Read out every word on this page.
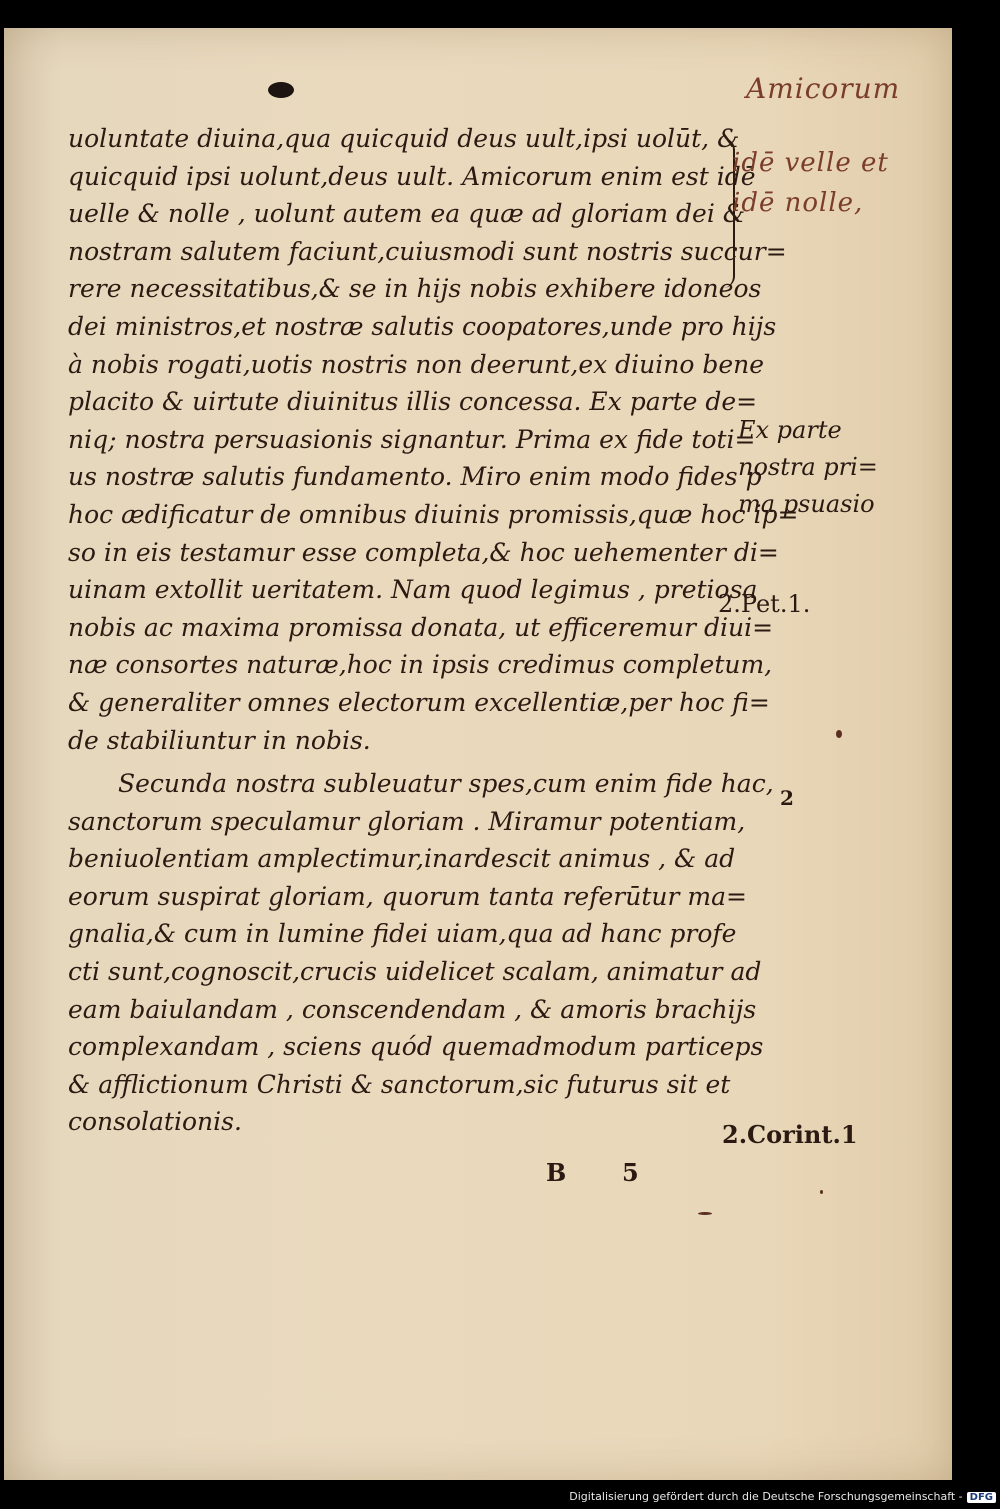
uoluntate diuina,qua quicquid deus uult,ipsi uolūt, &
quicquid ipsi uolunt,deus uult. Amicorum enim est idē
uelle & nolle , uolunt autem ea quæ ad gloriam dei &
nostram salutem faciunt,cuiusmodi sunt nostris succur=
rere necessitatibus,& se in hijs nobis exhibere idoneos
dei ministros,et nostræ salutis coopatores,unde pro hijs
à nobis rogati,uotis nostris non deerunt,ex diuino bene
placito & uirtute diuinitus illis concessa. Ex parte de=
niq; nostra persuasionis signantur. Prima ex fide toti=
us nostræ salutis fundamento. Miro enim modo fides p
hoc ædificatur de omnibus diuinis promissis,quæ hoc ip=
so in eis testamur esse completa,& hoc uehementer di=
uinam extollit ueritatem. Nam quod legimus , pretiosa
nobis ac maxima promissa donata, ut efficeremur diui=
næ consortes naturæ,hoc in ipsis credimus completum,
& generaliter omnes electorum excellentiæ,per hoc fi=
de stabiliuntur in nobis.
Secunda nostra subleuatur spes,cum enim fide hac,
sanctorum speculamur gloriam . Miramur potentiam,
beniuolentiam amplectimur,inardescit animus , & ad
eorum suspirat gloriam, quorum tanta referūtur ma=
gnalia,& cum in lumine fidei uiam,qua ad hanc profe
cti sunt,cognoscit,crucis uidelicet scalam, animatur ad
eam baiulandam , conscendendam , & amoris brachijs
complexandam , sciens quód quemadmodum particeps
& afflictionum Christi & sanctorum,sic futurus sit et
consolationis.
B 5
Amicorum
idē velle et
idē nolle,
Ex parte
nostra pri=
ma psuasio
2.Pet.1.
2
2.Corint.1
Digitalisierung gefördert durch die Deutsche Forschungsgemeinschaft - DFG
